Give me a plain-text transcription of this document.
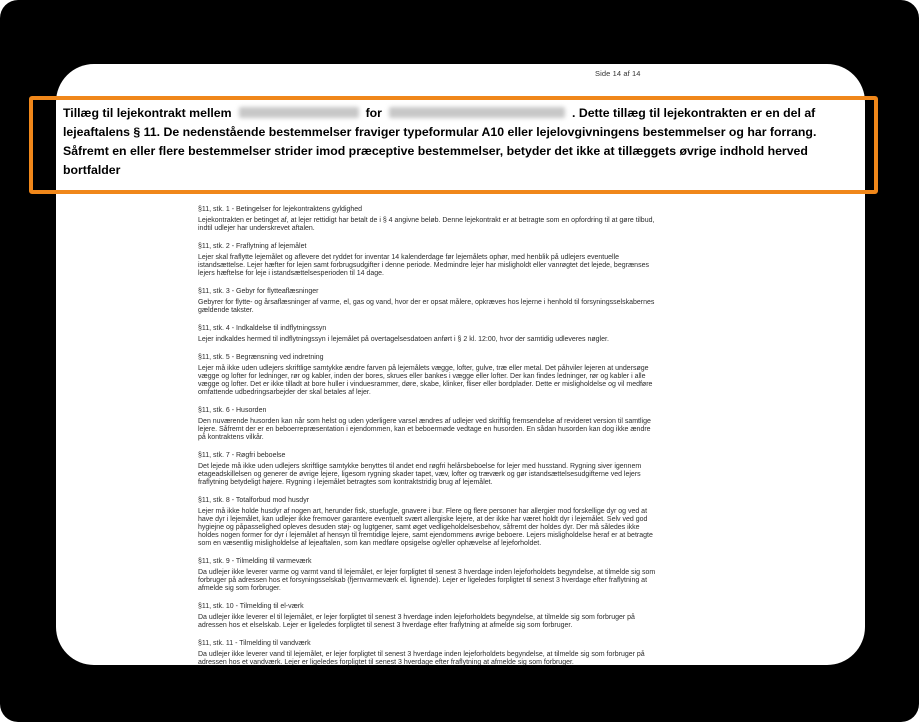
Side 14 af 14
Tillæg til lejekontrakt mellem	for	. Dette tillæg til lejekontrakten er en del af lejeaftalens § 11. De nedenstående bestemmelser fraviger typeformular A10 eller lejelovgivningens bestemmelser og har forrang. Såfremt en eller flere bestemmelser strider imod præceptive bestemmelser, betyder det ikke at tillæggets øvrige indhold herved bortfalder
§11, stk. 1 - Betingelser for lejekontraktens gyldighed
Lejekontrakten er betinget af, at lejer rettidigt har betalt de i § 4 angivne beløb. Denne lejekontrakt er at betragte som en opfordring til at gøre tilbud, indtil udlejer har underskrevet aftalen.
§11, stk. 2 - Fraflytning af lejemålet
Lejer skal fraflytte lejemålet og aflevere det ryddet for inventar 14 kalenderdage før lejemålets ophør, med henblik på udlejers eventuelle istandsættelse. Lejer hæfter for lejen samt forbrugsudgifter i denne periode. Medmindre lejer har misligholdt eller vanrøgtet det lejede, begrænses lejers hæftelse for leje i istandsættelsesperioden til 14 dage.
§11, stk. 3 - Gebyr for flytteaflæsninger
Gebyrer for flytte- og årsaflæsninger af varme, el, gas og vand, hvor der er opsat målere, opkræves hos lejerne i henhold til forsyningsselskabernes gældende takster.
§11, stk. 4 - Indkaldelse til indflytningssyn
Lejer indkaldes hermed til indflytningssyn i lejemålet på overtagelsesdatoen anført i § 2 kl. 12:00, hvor der samtidig udleveres nøgler.
§11, stk. 5 - Begrænsning ved indretning
Lejer må ikke uden udlejers skriftlige samtykke ændre farven på lejemålets vægge, lofter, gulve, træ eller metal. Det påhviler lejeren at undersøge vægge og lofter for ledninger, rør og kabler, inden der bores, skrues eller bankes i vægge eller lofter. Der kan findes ledninger, rør og kabler i alle vægge og lofter. Det er ikke tilladt at bore huller i vinduesrammer, døre, skabe, klinker, fliser eller bordplader. Dette er misligholdelse og vil medføre omfattende udbedringsarbejder der skal betales af lejer.
§11, stk. 6 - Husorden
Den nuværende husorden kan når som helst og uden yderligere varsel ændres af udlejer ved skriftlig fremsendelse af revideret version til samtlige lejere. Såfremt der er en beboerrepræsentation i ejendommen, kan et beboermøde vedtage en husorden. En sådan husorden kan dog ikke ændre på kontraktens vilkår.
§11, stk. 7 - Røgfri beboelse
Det lejede må ikke uden udlejers skriftlige samtykke benyttes til andet end røgfri helårsbeboelse for lejer med husstand. Rygning siver igennem etageadskillelsen og generer de øvrige lejere, ligesom rygning skader tapet, væv, lofter og træværk og gør istandsættelsesudgifterne ved lejers fraflytning betydeligt højere. Rygning i lejemålet betragtes som kontraktstridig brug af lejemålet.
§11, stk. 8 - Totalforbud mod husdyr
Lejer må ikke holde husdyr af nogen art, herunder fisk, stuefugle, gnavere i bur. Flere og flere personer har allergier mod forskellige dyr og ved at have dyr i lejemålet, kan udlejer ikke fremover garantere eventuelt svært allergiske lejere, at der ikke har været holdt dyr i lejemålet. Selv ved god hygiejne og påpasselighed opleves desuden støj- og lugtgener, samt øget vedligeholdelsesbehov, såfremt der holdes dyr. Der må således ikke holdes nogen former for dyr i lejemålet af hensyn til fremtidige lejere, samt ejendommens øvrige beboere. Lejers misligholdelse heraf er at betragte som en væsentlig misligholdelse af lejeaftalen, som kan medføre opsigelse og/eller ophævelse af lejeforholdet.
§11, stk. 9 - Tilmelding til varmeværk
Da udlejer ikke leverer varme og varmt vand til lejemålet, er lejer forpligtet til senest 3 hverdage inden lejeforholdets begyndelse, at tilmelde sig som forbruger på adressen hos et forsyningsselskab (fjernvarmeværk el. lignende). Lejer er ligeledes forpligtet til senest 3 hverdage efter fraflytning at afmelde sig som forbruger.
§11, stk. 10 - Tilmelding til el-værk
Da udlejer ikke leverer el til lejemålet, er lejer forpligtet til senest 3 hverdage inden lejeforholdets begyndelse, at tilmelde sig som forbruger på adressen hos et elselskab. Lejer er ligeledes forpligtet til senest 3 hverdage efter fraflytning at afmelde sig som forbruger.
§11, stk. 11 - Tilmelding til vandværk
Da udlejer ikke leverer vand til lejemålet, er lejer forpligtet til senest 3 hverdage inden lejeforholdets begyndelse, at tilmelde sig som forbruger på adressen hos et vandværk. Lejer er ligeledes forpligtet til senest 3 hverdage efter fraflytning at afmelde sig som forbruger.
